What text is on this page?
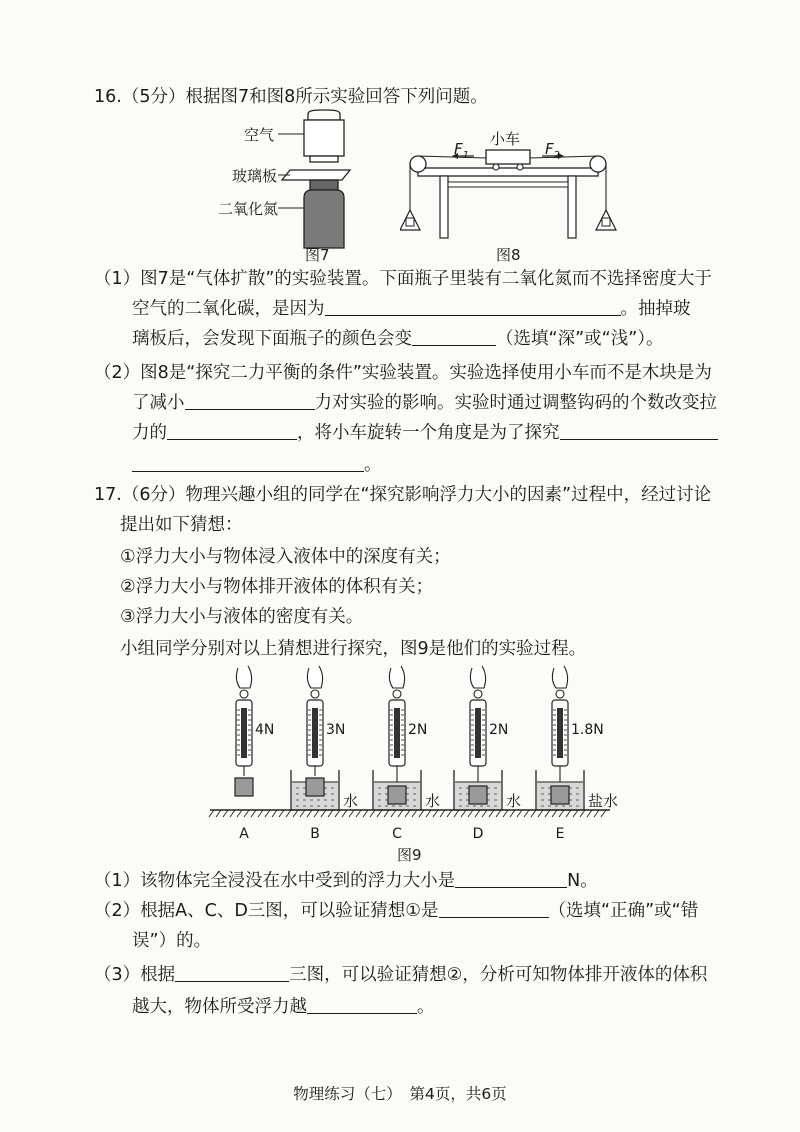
16.（5分）根据图7和图8所示实验回答下列问题。
空气
玻璃板
二氧化氮
图7
小车
$F_1$	$F_2$
图8
（1）图7是“气体扩散”的实验装置。下面瓶子里装有二氧化氮而不选择密度大于
空气的二氧化碳，是因为	。抽掉玻
璃板后，会发现下面瓶子的颜色会变	（选填“深”或“浅”）。
（2）图8是“探究二力平衡的条件”实验装置。实验选择使用小车而不是木块是为
了减小	力对实验的影响。实验时通过调整钩码的个数改变拉
力的	，将小车旋转一个角度是为了探究
。
17.（6分）物理兴趣小组的同学在“探究影响浮力大小的因素”过程中，经过讨论
提出如下猜想：
①浮力大小与物体浸入液体中的深度有关；
②浮力大小与物体排开液体的体积有关；
③浮力大小与液体的密度有关。
小组同学分别对以上猜想进行探究，图9是他们的实验过程。
4N
A
水
3N
B
水
2N
C
水
2N
D
盐水
1.8N
E
图9
（1）该物体完全浸没在水中受到的浮力大小是	N。
（2）根据A、C、D三图，可以验证猜想①是	（选填“正确”或“错
误”）的。
（3）根据	三图，可以验证猜想②，分析可知物体排开液体的体积
越大，物体所受浮力越	。
物理练习（七）　第4页，共6页
